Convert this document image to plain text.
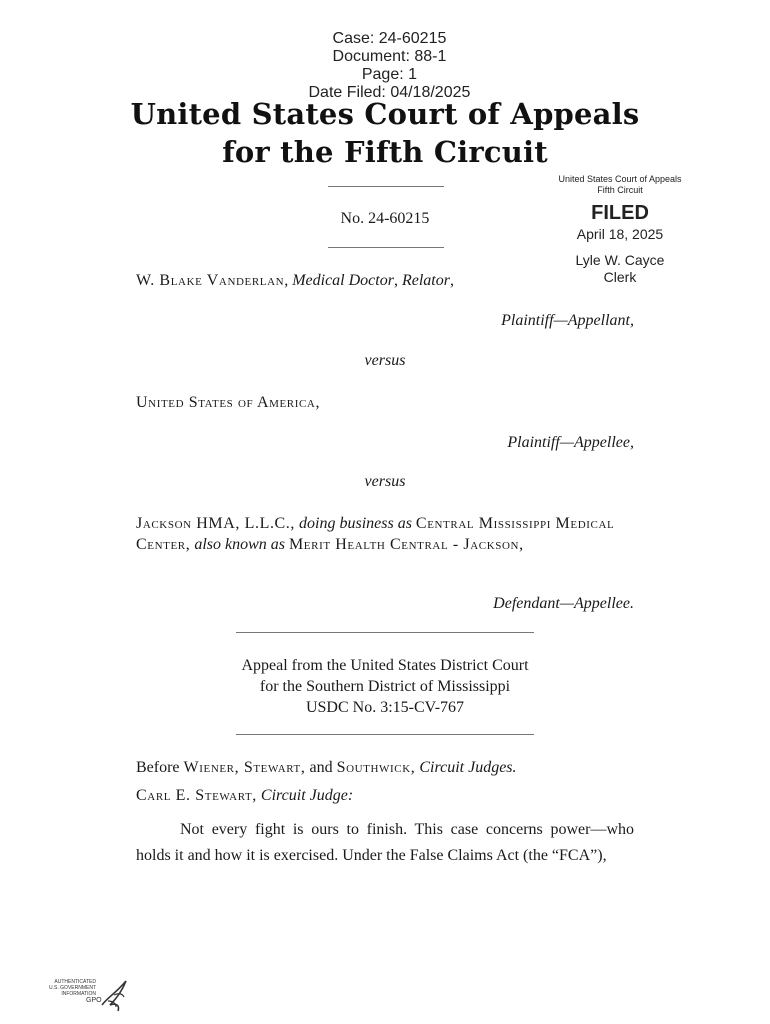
Case: 24-60215
Document: 88-1
Page: 1
Date Filed: 04/18/2025

United States Court of Appeals
for the Fifth Circuit
No. 24-60215
United States Court of Appeals
Fifth Circuit
FILED
April 18, 2025
Lyle W. Cayce
Clerk
W. Blake Vanderlan, Medical Doctor, Relator,
Plaintiff—Appellant,
versus
United States of America,
Plaintiff—Appellee,
versus
Jackson HMA, L.L.C., doing business as Central Mississippi Medical Center, also known as Merit Health Central - Jackson,
Defendant—Appellee.
Appeal from the United States District Court
for the Southern District of Mississippi
USDC No. 3:15-CV-767
Before Wiener, Stewart, and Southwick, Circuit Judges.
Carl E. Stewart, Circuit Judge:
Not every fight is ours to finish. This case concerns power—who holds it and how it is exercised. Under the False Claims Act (the “FCA”),
AUTHENTICATED U.S. GOVERNMENT INFORMATION
GPO
